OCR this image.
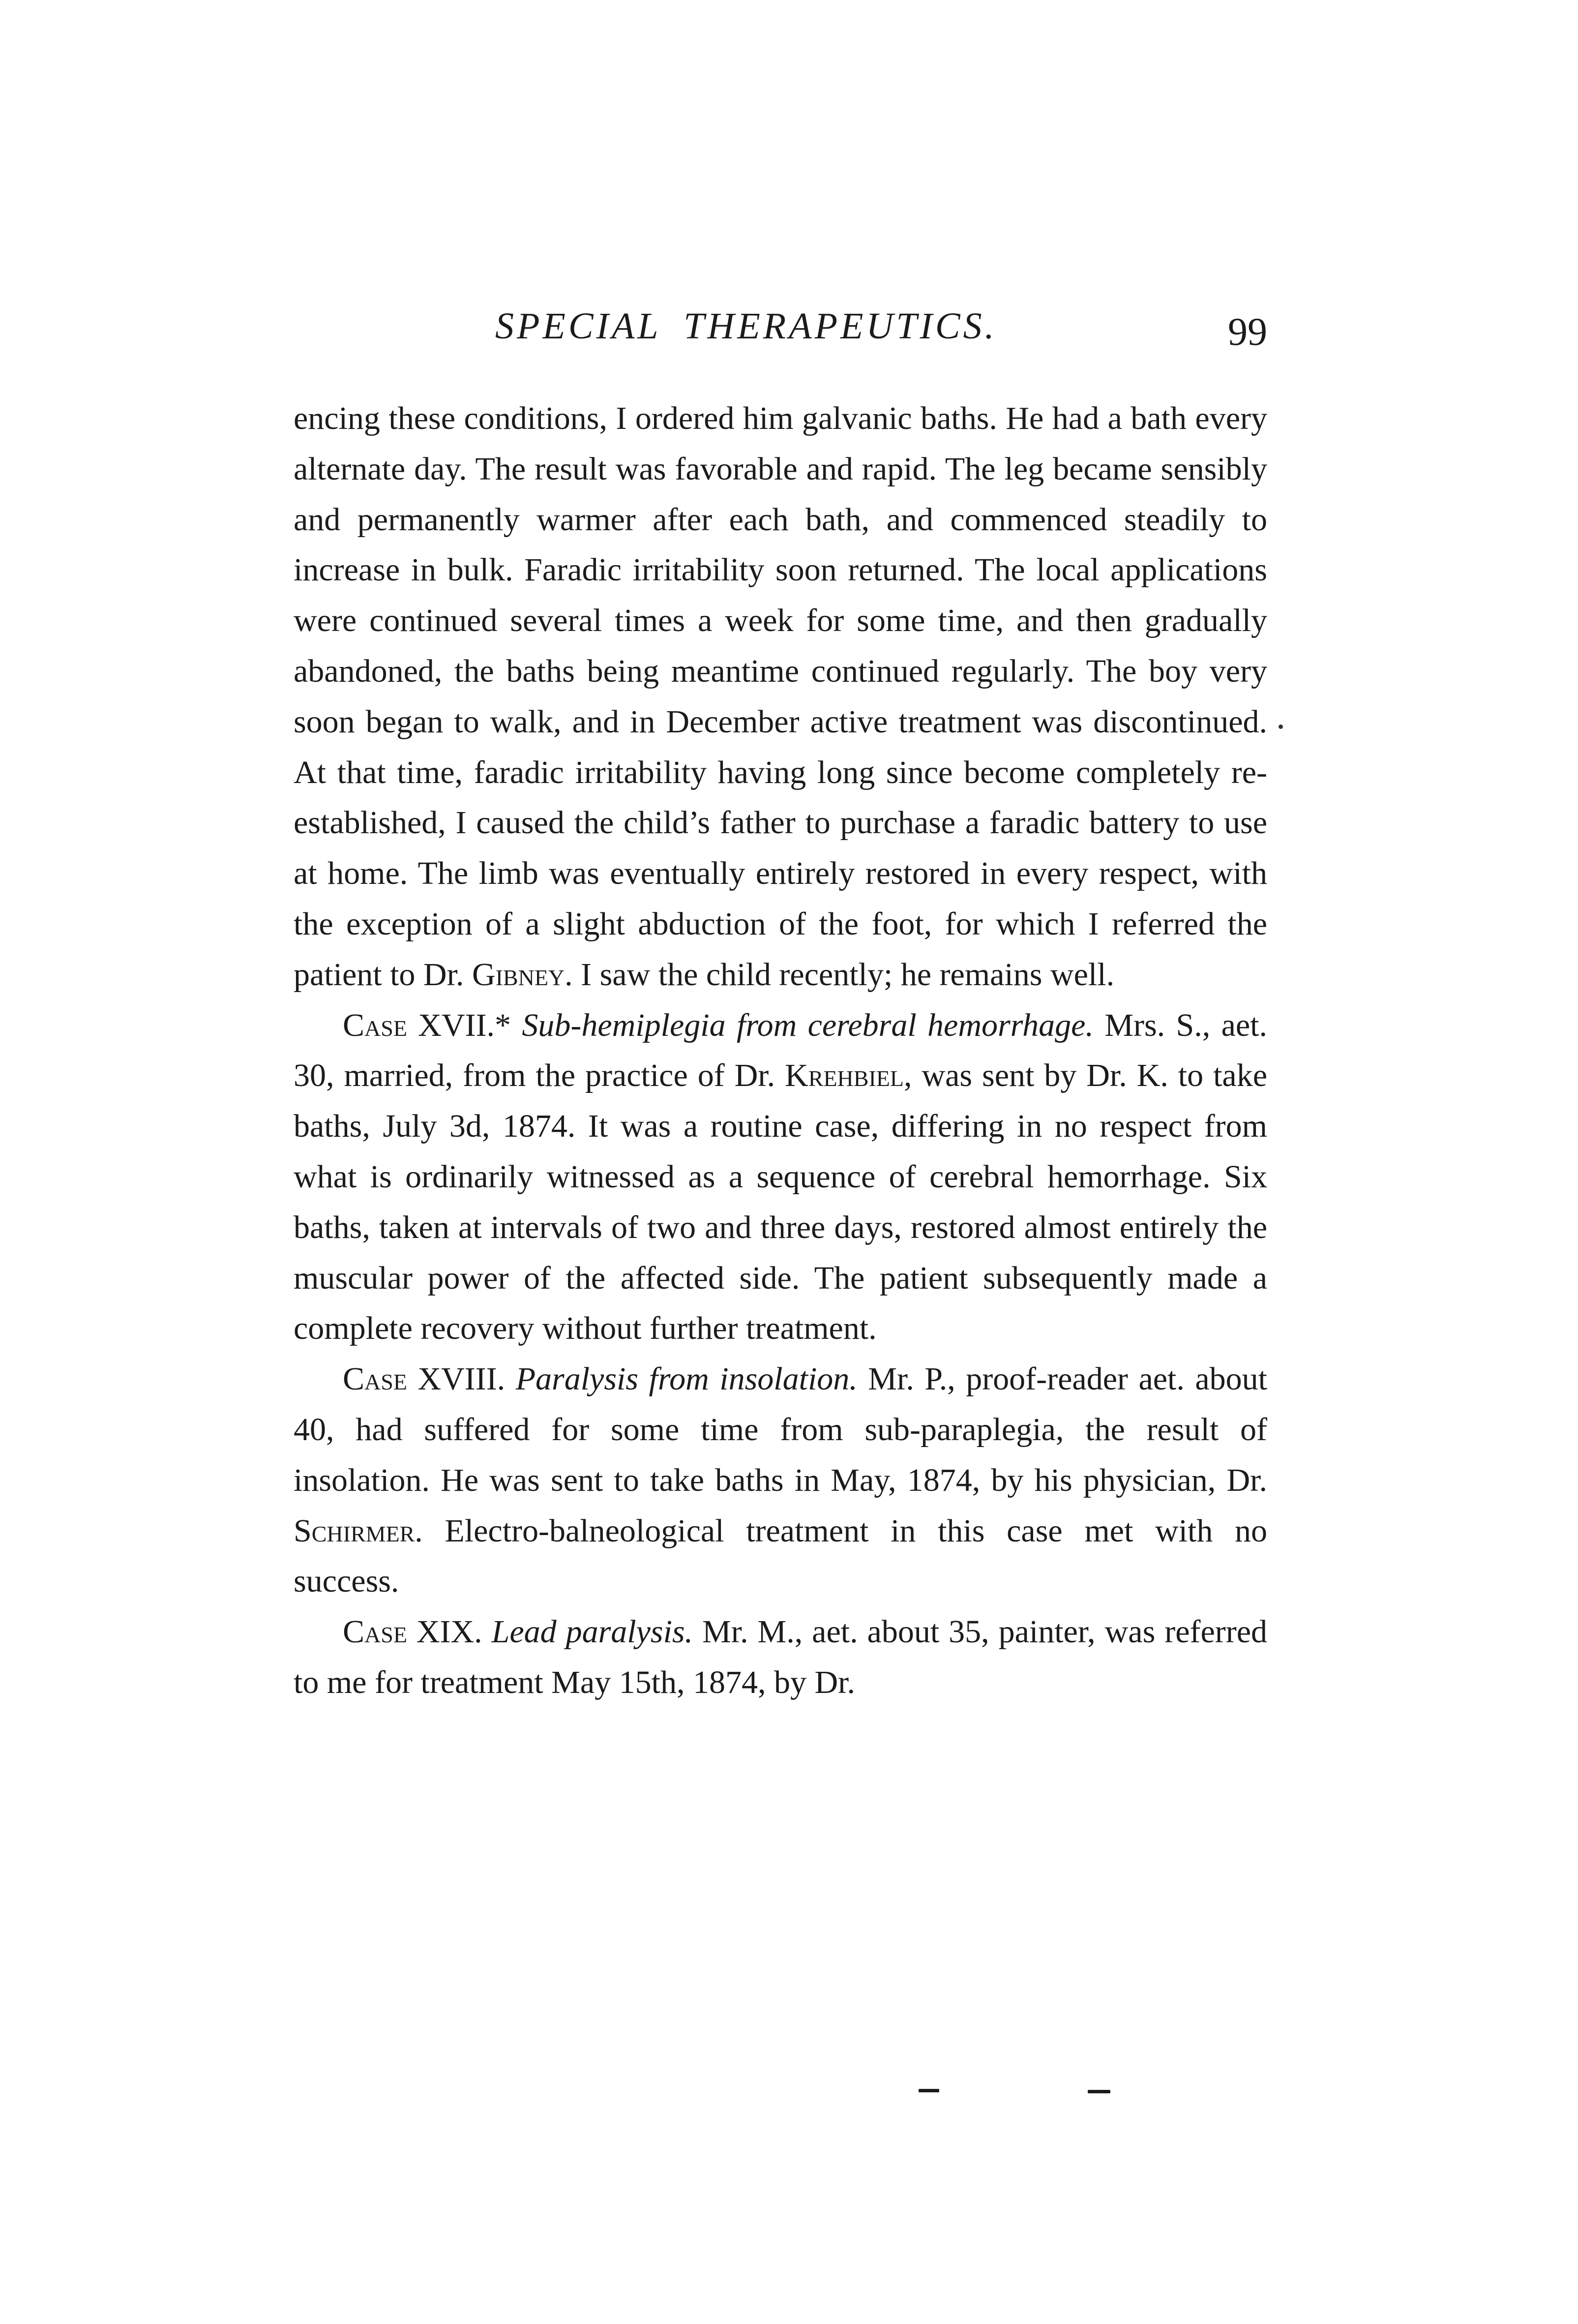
SPECIAL THERAPEUTICS.	99

encing these conditions, I ordered him galvanic baths. He had a bath every alternate day. The result was favorable and rapid. The leg became sensibly and permanently warmer after each bath, and commenced steadily to increase in bulk. Faradic irritability soon returned. The local applications were continued several times a week for some time, and then gradually abandoned, the baths being meantime continued regularly. The boy very soon began to walk, and in December active treatment was discontinued. At that time, faradic irritability having long since become completely re-established, I caused the child’s father to purchase a faradic battery to use at home. The limb was eventually entirely restored in every respect, with the exception of a slight abduction of the foot, for which I referred the patient to Dr. Gibney. I saw the child recently; he remains well.

Case XVII.* Sub-hemiplegia from cerebral hemorrhage. Mrs. S., aet. 30, married, from the practice of Dr. Krehbiel, was sent by Dr. K. to take baths, July 3d, 1874. It was a routine case, differing in no respect from what is ordinarily witnessed as a sequence of cerebral hemorrhage. Six baths, taken at intervals of two and three days, restored almost entirely the muscular power of the affected side. The patient subsequently made a complete recovery without further treatment.

Case XVIII. Paralysis from insolation. Mr. P., proof-reader aet. about 40, had suffered for some time from sub-paraplegia, the result of insolation. He was sent to take baths in May, 1874, by his physician, Dr. Schirmer. Electro-balneological treatment in this case met with no success.

Case XIX. Lead paralysis. Mr. M., aet. about 35, painter, was referred to me for treatment May 15th, 1874, by Dr.
